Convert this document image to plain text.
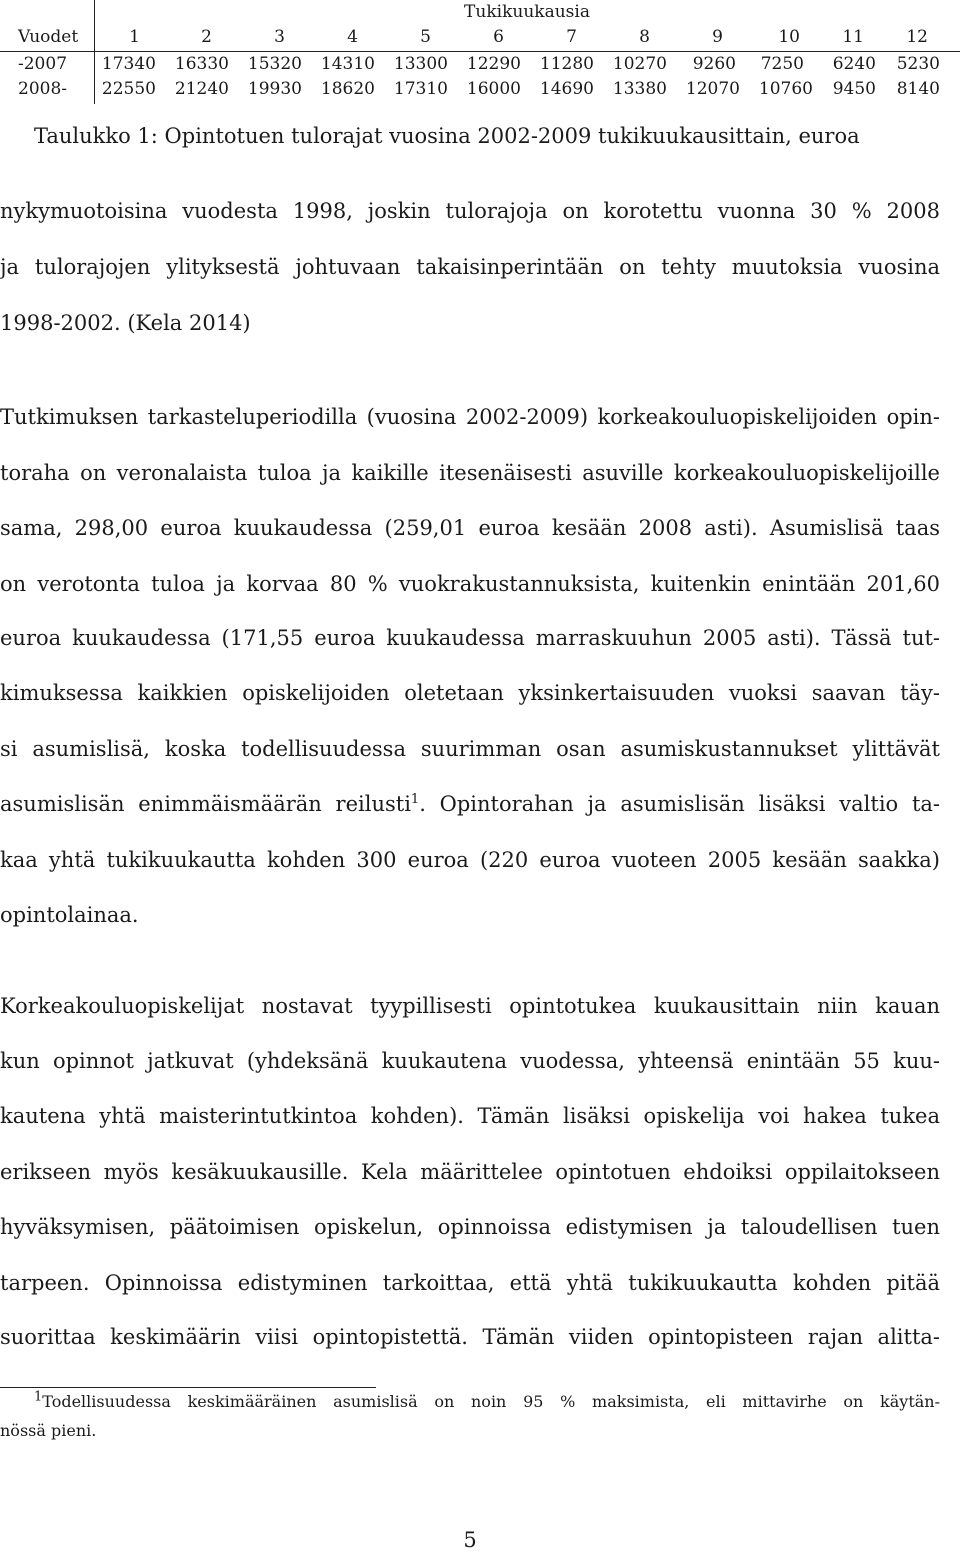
Tukikuukausia
Vuodet	1	2	3	4	5	6	7	8	9	10	11	12
-2007	17340	16330	15320	14310	13300	12290	11280	10270	9260	7250	6240	5230
2008-	22550	21240	19930	18620	17310	16000	14690	13380	12070	10760	9450	8140
Taulukko 1: Opintotuen tulorajat vuosina 2002-2009 tukikuukausittain, euroa
nykymuotoisina vuodesta 1998, joskin tulorajoja on korotettu vuonna 30 % 2008
ja tulorajojen ylityksestä johtuvaan takaisinperintään on tehty muutoksia vuosina
1998-2002. (Kela 2014)
Tutkimuksen tarkasteluperiodilla (vuosina 2002-2009) korkeakouluopiskelijoiden opin-
toraha on veronalaista tuloa ja kaikille itesenäisesti asuville korkeakouluopiskelijoille
sama, 298,00 euroa kuukaudessa (259,01 euroa kesään 2008 asti). Asumislisä taas
on verotonta tuloa ja korvaa 80 % vuokrakustannuksista, kuitenkin enintään 201,60
euroa kuukaudessa (171,55 euroa kuukaudessa marraskuuhun 2005 asti). Tässä tut-
kimuksessa kaikkien opiskelijoiden oletetaan yksinkertaisuuden vuoksi saavan täy-
si asumislisä, koska todellisuudessa suurimman osan asumiskustannukset ylittävät
asumislisän enimmäismäärän reilusti$^1$. Opintorahan ja asumislisän lisäksi valtio ta-
kaa yhtä tukikuukautta kohden 300 euroa (220 euroa vuoteen 2005 kesään saakka)
opintolainaa.
Korkeakouluopiskelijat nostavat tyypillisesti opintotukea kuukausittain niin kauan
kun opinnot jatkuvat (yhdeksänä kuukautena vuodessa, yhteensä enintään 55 kuu-
kautena yhtä maisterintutkintoa kohden). Tämän lisäksi opiskelija voi hakea tukea
erikseen myös kesäkuukausille. Kela määrittelee opintotuen ehdoiksi oppilaitokseen
hyväksymisen, päätoimisen opiskelun, opinnoissa edistymisen ja taloudellisen tuen
tarpeen. Opinnoissa edistyminen tarkoittaa, että yhtä tukikuukautta kohden pitää
suorittaa keskimäärin viisi opintopistettä. Tämän viiden opintopisteen rajan alitta-
$^1$Todellisuudessa keskimääräinen asumislisä on noin 95 % maksimista, eli mittavirhe on käytän-
nössä pieni.
5
